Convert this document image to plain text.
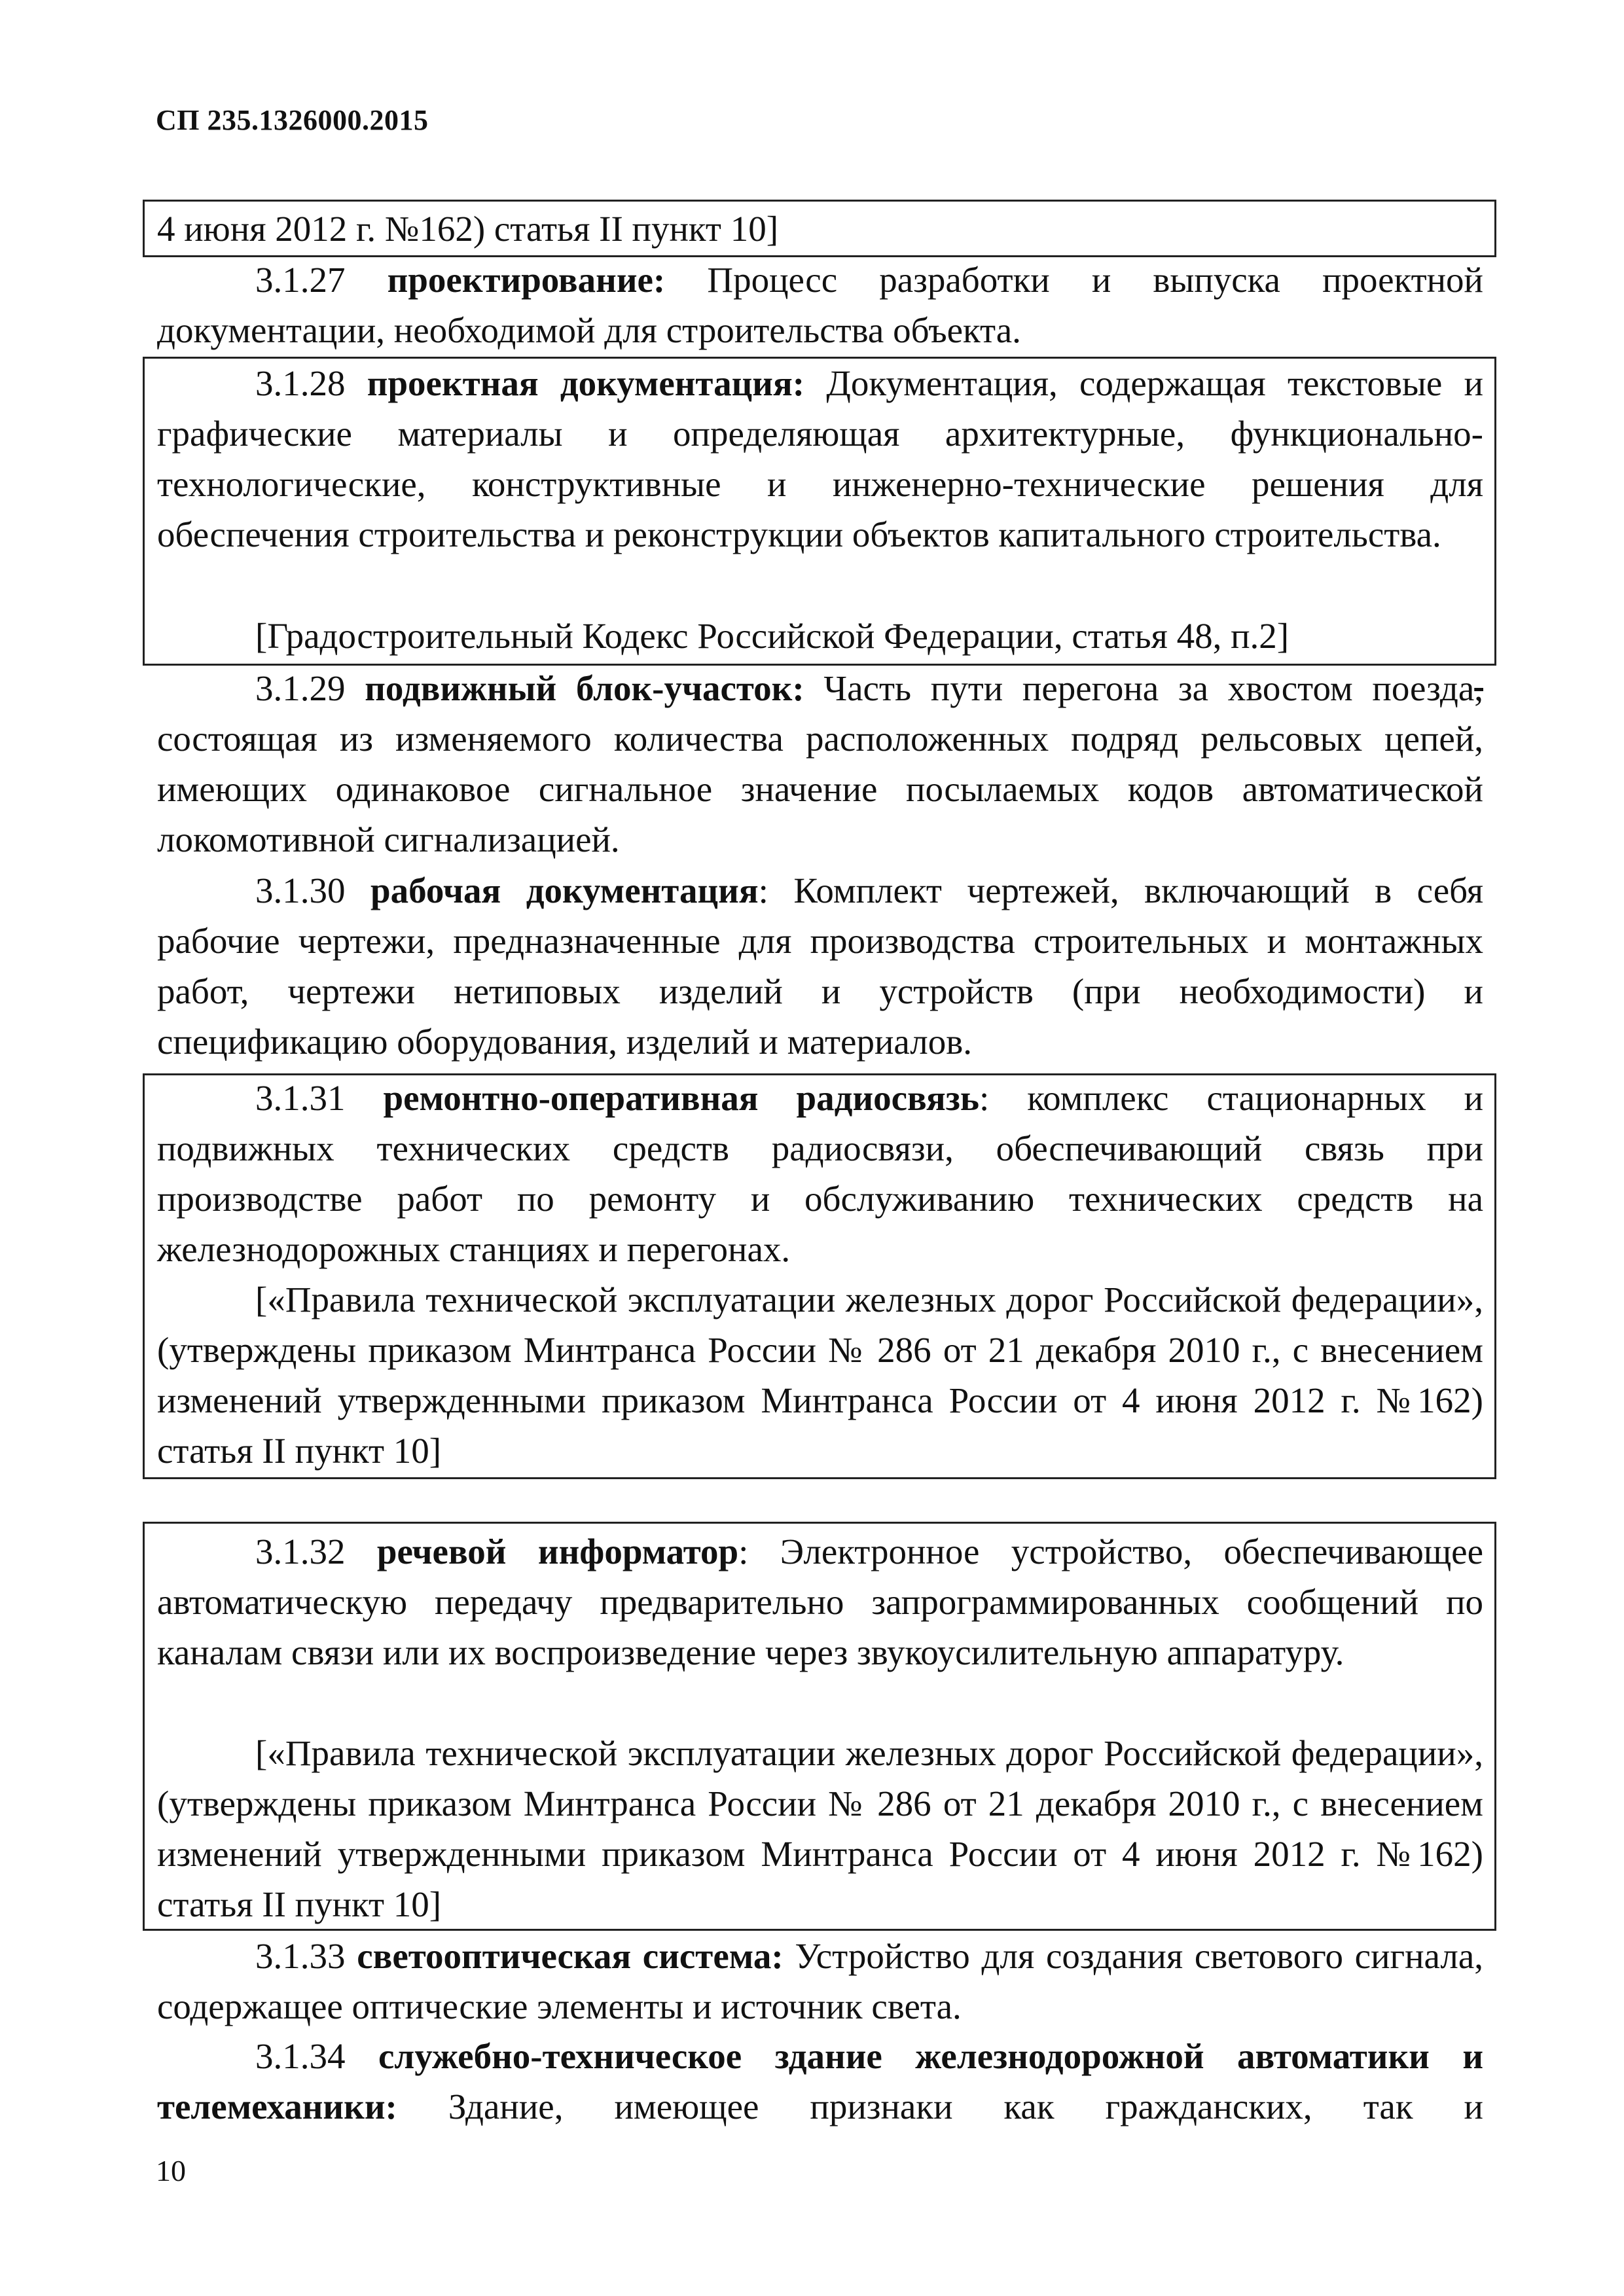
СП 235.1326000.2015

4 июня 2012 г. №162) статья II пункт 10]

3.1.27 проектирование: Процесс разработки и выпуска проектной документации, необходимой для строительства объекта.

3.1.28 проектная документация: Документация, содержащая текстовые и графические материалы и определяющая архитектурные, функционально-технологические, конструктивные и инженерно-технические решения для обеспечения строительства и реконструкции объектов капитального строительства.

[Градостроительный Кодекс Российской Федерации, статья 48, п.2]

3.1.29 подвижный блок-участок: Часть пути перегона за хвостом поезда, состоящая из изменяемого количества расположенных подряд рельсовых цепей, имеющих одинаковое сигнальное значение посылаемых кодов автоматической локомотивной сигнализацией.

3.1.30 рабочая документация: Комплект чертежей, включающий в себя рабочие чертежи, предназначенные для производства строительных и монтажных работ, чертежи нетиповых изделий и устройств (при необходимости) и спецификацию оборудования, изделий и материалов.

3.1.31 ремонтно-оперативная радиосвязь: комплекс стационарных и подвижных технических средств радиосвязи, обеспечивающий связь при производстве работ по ремонту и обслуживанию технических средств на железнодорожных станциях и перегонах.

[«Правила технической эксплуатации железных дорог Российской федерации», (утверждены приказом Минтранса России № 286 от 21 декабря 2010 г., с внесением изменений утвержденными приказом Минтранса России от 4 июня 2012 г. №162) статья II пункт 10]

3.1.32 речевой информатор: Электронное устройство, обеспечивающее автоматическую передачу предварительно запрограммированных сообщений по каналам связи или их воспроизведение через звукоусилительную аппаратуру.

[«Правила технической эксплуатации железных дорог Российской федерации», (утверждены приказом Минтранса России № 286 от 21 декабря 2010 г., с внесением изменений утвержденными приказом Минтранса России от 4 июня 2012 г. №162) статья II пункт 10]

3.1.33 светооптическая система: Устройство для создания светового сигнала, содержащее оптические элементы и источник света.

3.1.34 служебно-техническое здание железнодорожной автоматики и телемеханики: Здание, имеющее признаки как гражданских, так и

10
